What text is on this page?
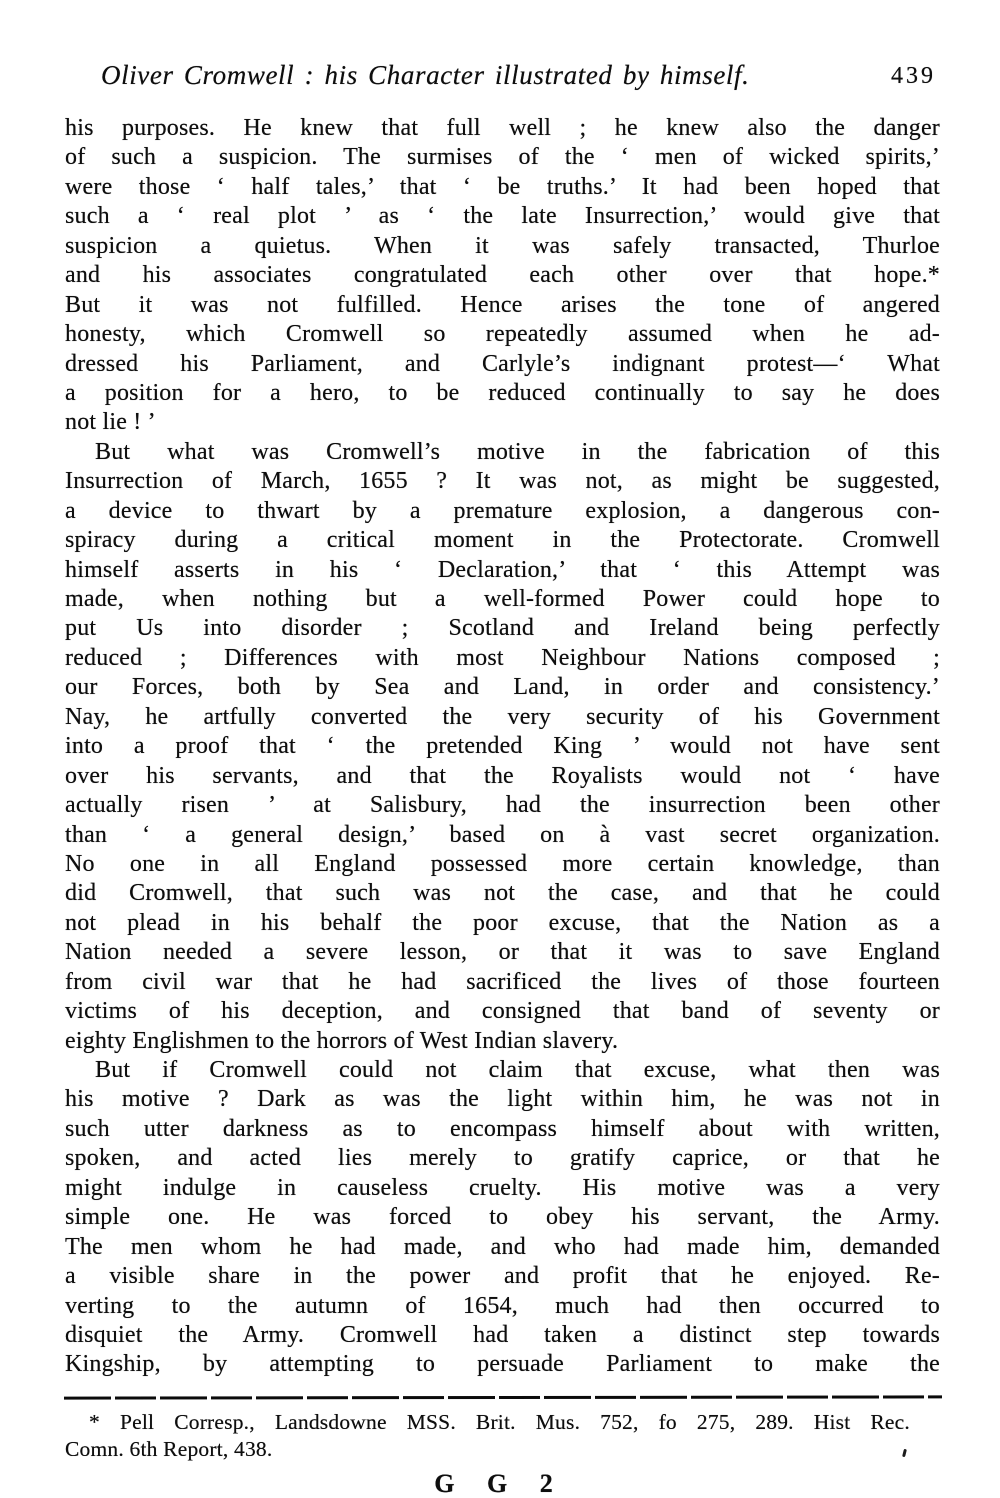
Oliver Cromwell : his Character illustrated by himself.	439
his purposes. He knew that full well ; he knew also the danger
of such a suspicion. The surmises of the ‘ men of wicked spirits,’
were those ‘ half tales,’ that ‘ be truths.’ It had been hoped that
such a ‘ real plot ’ as ‘ the late Insurrection,’ would give that
suspicion a quietus. When it was safely transacted, Thurloe
and his associates congratulated each other over that hope.*
But it was not fulfilled. Hence arises the tone of angered
honesty, which Cromwell so repeatedly assumed when he ad-
dressed his Parliament, and Carlyle’s indignant protest—‘ What
a position for a hero, to be reduced continually to say he does
not lie ! ’
But what was Cromwell’s motive in the fabrication of this
Insurrection of March, 1655 ? It was not, as might be suggested,
a device to thwart by a premature explosion, a dangerous con-
spiracy during a critical moment in the Protectorate. Cromwell
himself asserts in his ‘ Declaration,’ that ‘ this Attempt was
made, when nothing but a well-formed Power could hope to
put Us into disorder ; Scotland and Ireland being perfectly
reduced ; Differences with most Neighbour Nations composed ;
our Forces, both by Sea and Land, in order and consistency.’
Nay, he artfully converted the very security of his Government
into a proof that ‘ the pretended King ’ would not have sent
over his servants, and that the Royalists would not ‘ have
actually risen ’ at Salisbury, had the insurrection been other
than ‘ a general design,’ based on à vast secret organization.
No one in all England possessed more certain knowledge, than
did Cromwell, that such was not the case, and that he could
not plead in his behalf the poor excuse, that the Nation as a
Nation needed a severe lesson, or that it was to save England
from civil war that he had sacrificed the lives of those fourteen
victims of his deception, and consigned that band of seventy or
eighty Englishmen to the horrors of West Indian slavery.
But if Cromwell could not claim that excuse, what then was
his motive ? Dark as was the light within him, he was not in
such utter darkness as to encompass himself about with written,
spoken, and acted lies merely to gratify caprice, or that he
might indulge in causeless cruelty. His motive was a very
simple one. He was forced to obey his servant, the Army.
The men whom he had made, and who had made him, demanded
a visible share in the power and profit that he enjoyed. Re-
verting to the autumn of 1654, much had then occurred to
disquiet the Army. Cromwell had taken a distinct step towards
Kingship, by attempting to persuade Parliament to make the
* Pell Corresp., Landsdowne MSS. Brit. Mus. 752, fo 275, 289. Hist Rec.
Comn. 6th Report, 438.
G G 2
